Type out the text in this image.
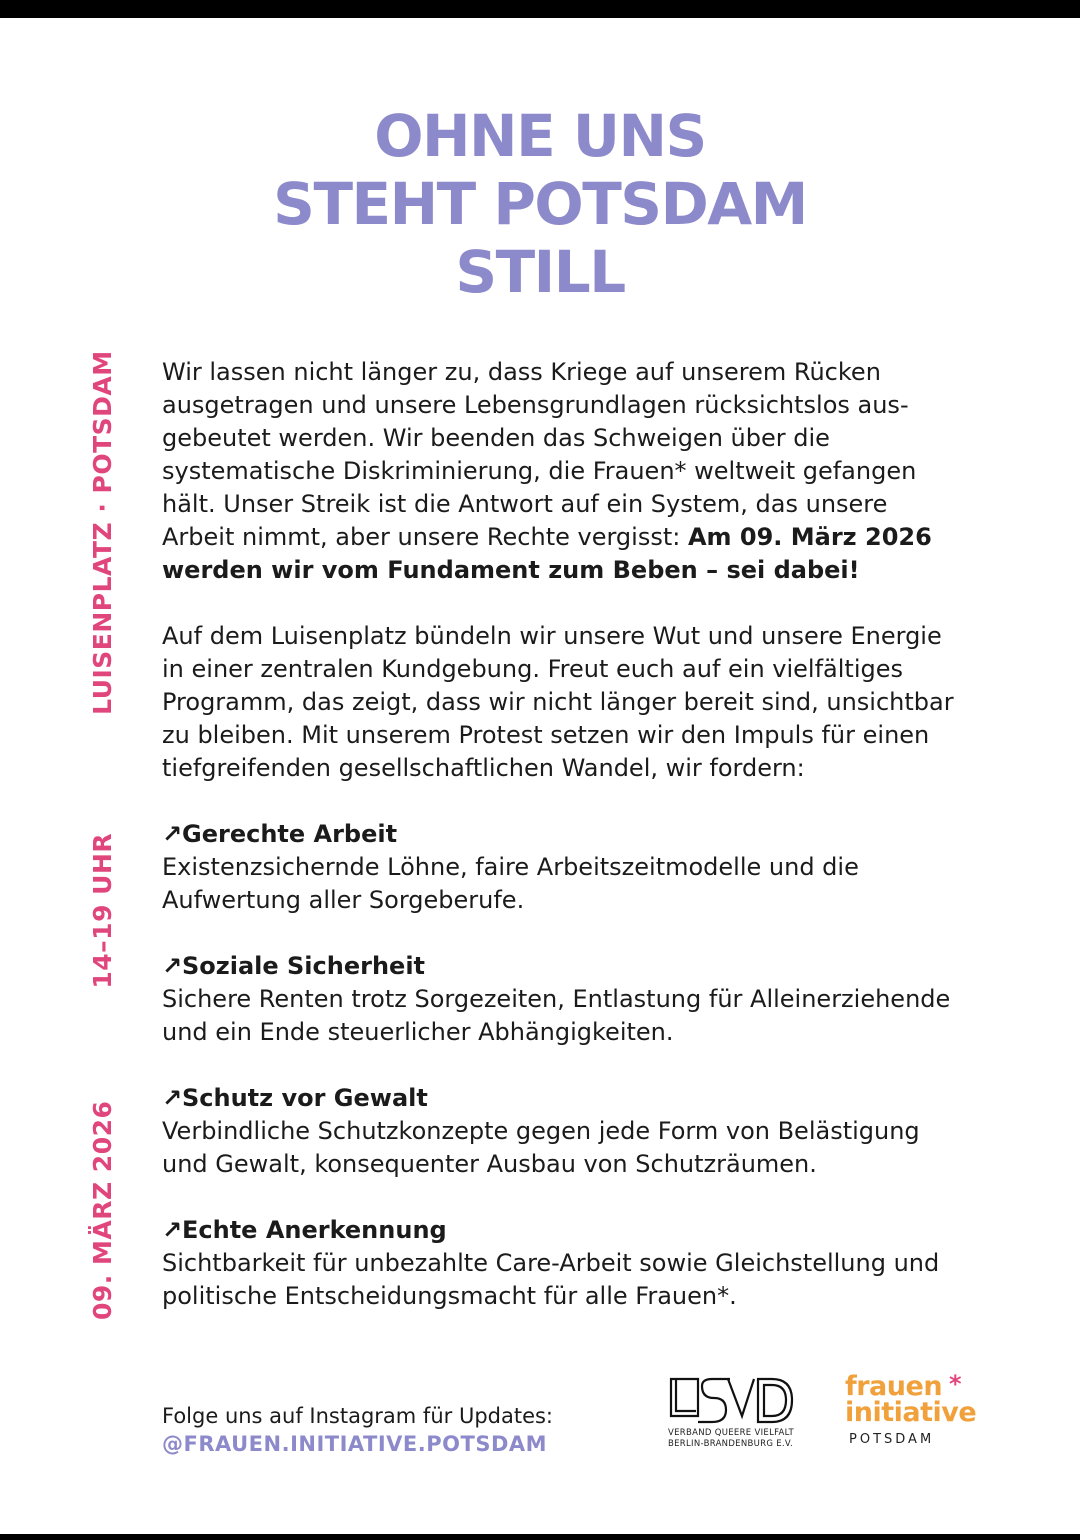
OHNE UNS
STEHT POTSDAM
STILL
09. MÄRZ 202614–19 UHRLUISENPLATZ · POTSDAM Wir lassen nicht länger zu, dass Kriege auf unserem Rücken ausgetragen und unsere Lebensgrundlagen rücksichtslos ausgebeutet werden. Wir beenden das Schweigen über die systematische Diskriminierung, die Frauen* weltweit gefangen hält. Unser Streik ist die Antwort auf ein System, das unsere Arbeit nimmt, aber unsere Rechte vergisst: Am 09. März 2026 werden wir vom Fundament zum Beben – sei dabei!

Auf dem Luisenplatz bündeln wir unsere Wut und unsere Energie in einer zentralen Kundgebung. Freut euch auf ein vielfältiges Programm, das zeigt, dass wir nicht länger bereit sind, unsichtbar zu bleiben. Mit unserem Protest setzen wir den Impuls für einen tiefgreifenden gesellschaftlichen Wandel, wir fordern:

↗Gerechte Arbeit
Existenzsichernde Löhne, faire Arbeitszeitmodelle und die Aufwertung aller Sorgeberufe.
↗Soziale Sicherheit
Sichere Renten trotz Sorgezeiten, Entlastung für Alleinerziehende und ein Ende steuerlicher Abhängigkeiten.
↗Schutz vor Gewalt
Verbindliche Schutzkonzepte gegen jede Form von Belästigung und Gewalt, konsequenter Ausbau von Schutzräumen.
↗Echte Anerkennung
Sichtbarkeit für unbezahlte Care-Arbeit sowie Gleichstellung und politische Entscheidungsmacht für alle Frauen*.
Folge uns auf Instagram für Updates:
@FRAUEN.INITIATIVE.POTSDAM	VERBAND QUEERE VIELFALT
BERLIN-BRANDENBURG E.V.
frauen *
initiative
POTSDAM
